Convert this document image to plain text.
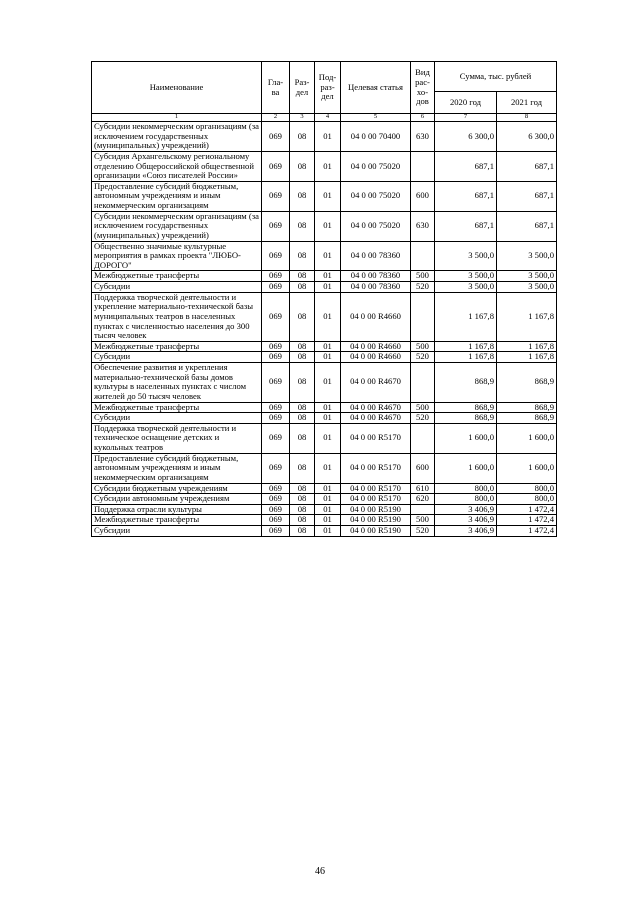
Наименование	Гла-ва	Раз-дел	Под-раз-дел	Целевая статья	Вид рас-хо-дов	Сумма, тыс. рублей	
						2020 год	2021 год
1	2	3	4	5	6	7	8
Субсидии некоммерческим организациям (за исключением государственных (муниципальных) учреждений)	069	08	01	04 0 00 70400	630	6 300,0	6 300,0
Субсидия Архангельскому региональному отделению Общероссийской общественной организации «Союз писателей России»	069	08	01	04 0 00 75020		687,1	687,1
Предоставление субсидий бюджетным, автономным учреждениям и иным некоммерческим организациям	069	08	01	04 0 00 75020	600	687,1	687,1
Субсидии некоммерческим организациям (за исключением государственных (муниципальных) учреждений)	069	08	01	04 0 00 75020	630	687,1	687,1
Общественно значимые культурные мероприятия в рамках проекта "ЛЮБО-ДОРОГО"	069	08	01	04 0 00 78360		3 500,0	3 500,0
Межбюджетные трансферты	069	08	01	04 0 00 78360	500	3 500,0	3 500,0
Субсидии	069	08	01	04 0 00 78360	520	3 500,0	3 500,0
Поддержка творческой деятельности и укрепление материально-технической базы муниципальных театров в населенных пунктах с численностью населения до 300 тысяч человек	069	08	01	04 0 00 R4660		1 167,8	1 167,8
Межбюджетные трансферты	069	08	01	04 0 00 R4660	500	1 167,8	1 167,8
Субсидии	069	08	01	04 0 00 R4660	520	1 167,8	1 167,8
Обеспечение развития и укрепления материально-технической базы домов культуры в населенных пунктах с числом жителей до 50 тысяч человек	069	08	01	04 0 00 R4670		868,9	868,9
Межбюджетные трансферты	069	08	01	04 0 00 R4670	500	868,9	868,9
Субсидии	069	08	01	04 0 00 R4670	520	868,9	868,9
Поддержка творческой деятельности и техническое оснащение детских и кукольных театров	069	08	01	04 0 00 R5170		1 600,0	1 600,0
Предоставление субсидий бюджетным, автономным учреждениям и иным некоммерческим организациям	069	08	01	04 0 00 R5170	600	1 600,0	1 600,0
Субсидии бюджетным учреждениям	069	08	01	04 0 00 R5170	610	800,0	800,0
Субсидии автономным учреждениям	069	08	01	04 0 00 R5170	620	800,0	800,0
Поддержка отрасли культуры	069	08	01	04 0 00 R5190		3 406,9	1 472,4
Межбюджетные трансферты	069	08	01	04 0 00 R5190	500	3 406,9	1 472,4
Субсидии	069	08	01	04 0 00 R5190	520	3 406,9	1 472,4
46
